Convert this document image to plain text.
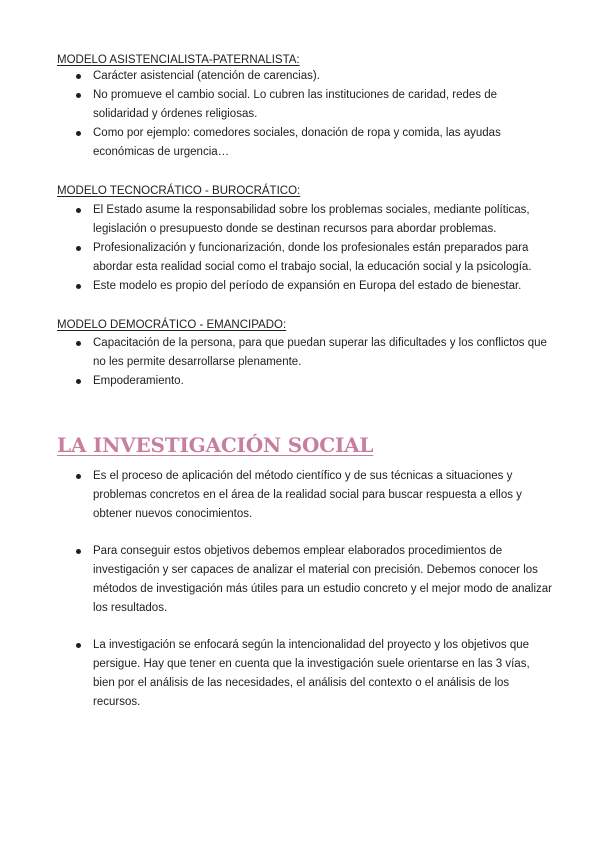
MODELO ASISTENCIALISTA-PATERNALISTA:
Carácter asistencial (atención de carencias).
No promueve el cambio social. Lo cubren las instituciones de caridad, redes de solidaridad y órdenes religiosas.
Como por ejemplo: comedores sociales, donación de ropa y comida, las ayudas económicas de urgencia…
MODELO TECNOCRÁTICO - BUROCRÁTICO:
El Estado asume la responsabilidad sobre los problemas sociales, mediante políticas, legislación o presupuesto donde se destinan recursos para abordar problemas.
Profesionalización y funcionarización, donde los profesionales están preparados para abordar esta realidad social como el trabajo social, la educación social y la psicología.
Este modelo es propio del período de expansión en Europa del estado de bienestar.
MODELO DEMOCRÁTICO - EMANCIPADO:
Capacitación de la persona, para que puedan superar las dificultades y los conflictos que no les permite desarrollarse plenamente.
Empoderamiento.
LA INVESTIGACIÓN SOCIAL
Es el proceso de aplicación del método científico y de sus técnicas a situaciones y problemas concretos en el área de la realidad social para buscar respuesta a ellos y obtener nuevos conocimientos.
Para conseguir estos objetivos debemos emplear elaborados procedimientos de investigación y ser capaces de analizar el material con precisión. Debemos conocer los métodos de investigación más útiles para un estudio concreto y el mejor modo de analizar los resultados.
La investigación se enfocará según la intencionalidad del proyecto y los objetivos que persigue. Hay que tener en cuenta que la investigación suele orientarse en las 3 vías, bien por el análisis de las necesidades, el análisis del contexto o el análisis de los recursos.
